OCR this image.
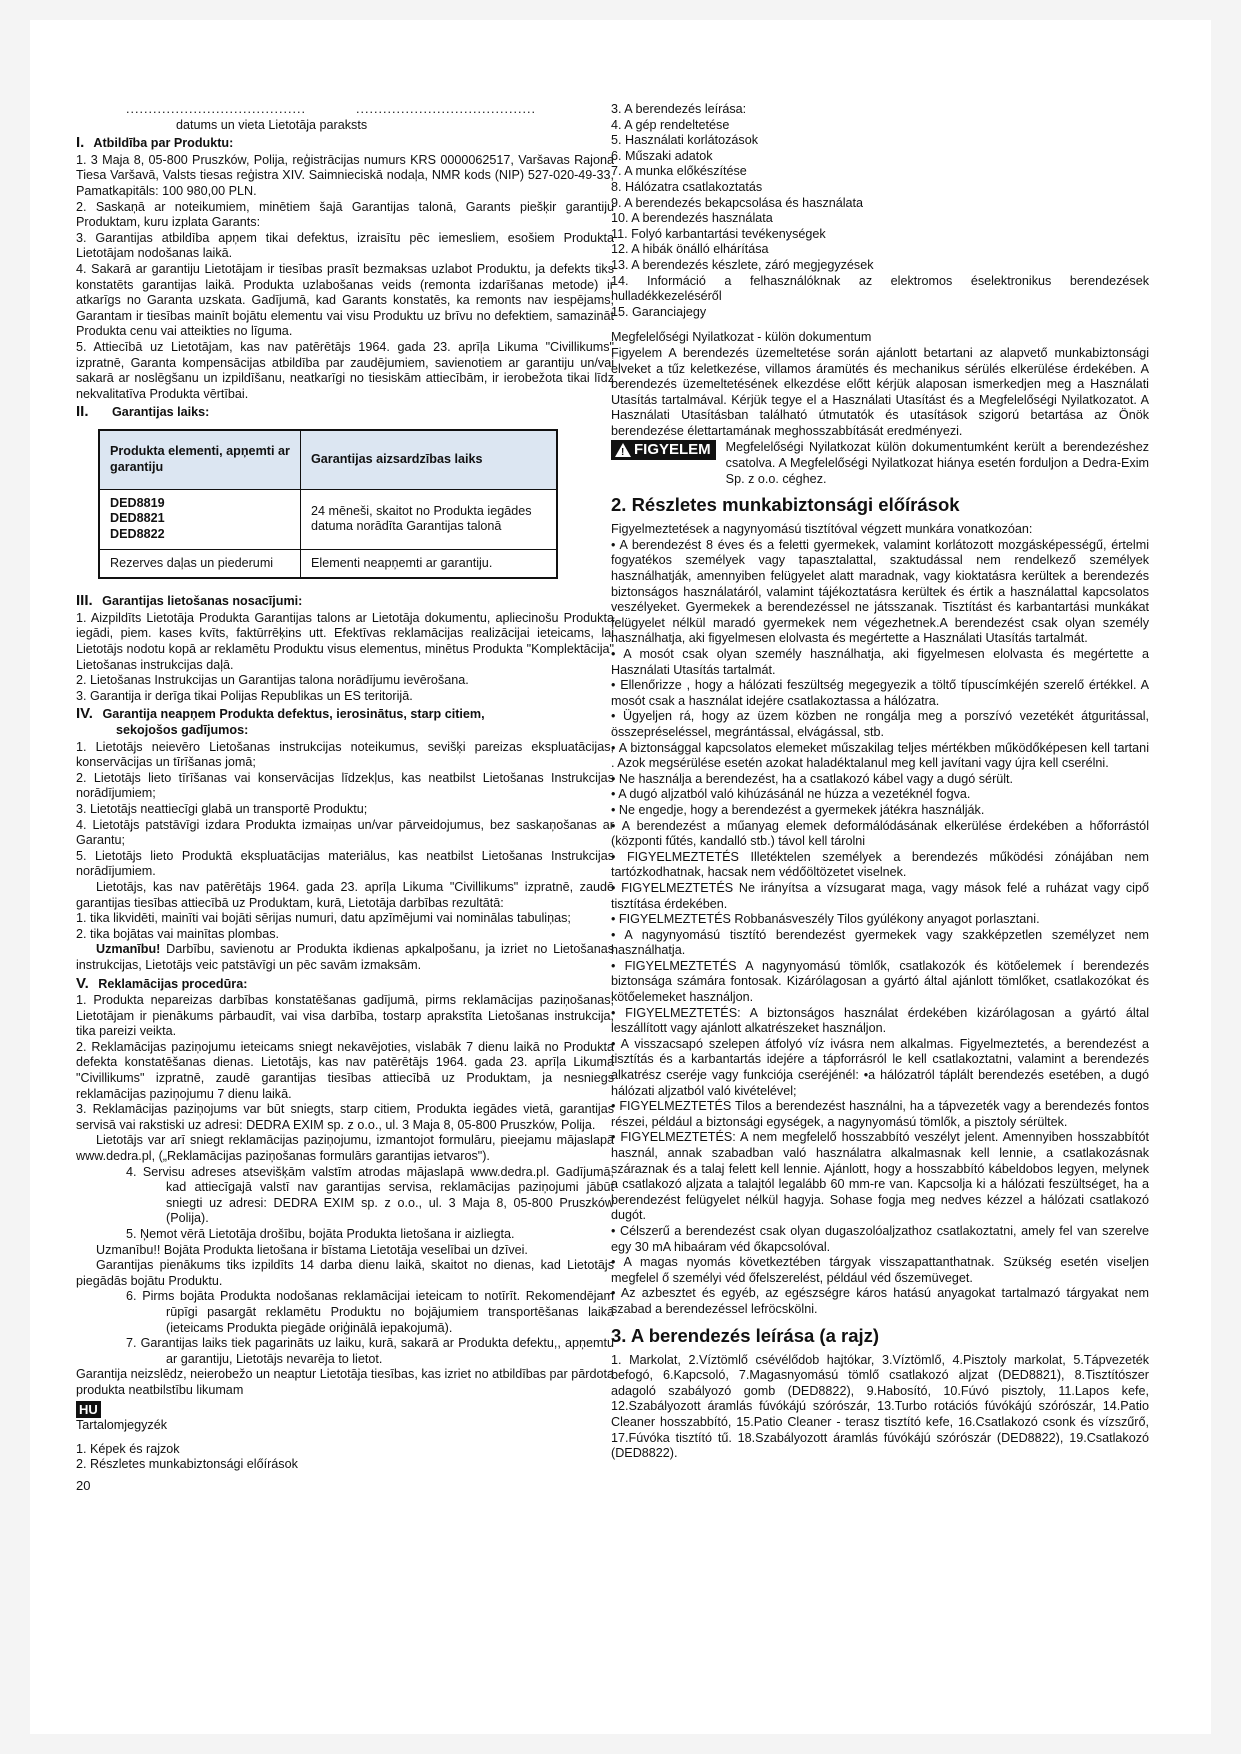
........................................	........................................
datums un vieta Lietotāja paraksts
I. Atbildība par Produktu:

1. 3 Maja 8, 05-800 Pruszków, Polija, reģistrācijas numurs KRS 0000062517, Varšavas Rajona Tiesa Varšavā, Valsts tiesas reģistra XIV. Saimnieciskā nodaļa, NMR kods (NIP) 527-020-49-33, Pamatkapitāls: 100 980,00 PLN.

2. Saskaņā ar noteikumiem, minētiem šajā Garantijas talonā, Garants piešķir garantiju Produktam, kuru izplata Garants:

3. Garantijas atbildība apņem tikai defektus, izraisītu pēc iemesliem, esošiem Produkta Lietotājam nodošanas laikā.

4. Sakarā ar garantiju Lietotājam ir tiesības prasīt bezmaksas uzlabot Produktu, ja defekts tiks konstatēts garantijas laikā. Produkta uzlabošanas veids (remonta izdarīšanas metode) ir atkarīgs no Garanta uzskata. Gadījumā, kad Garants konstatēs, ka remonts nav iespējams, Garantam ir tiesības mainīt bojātu elementu vai visu Produktu uz brīvu no defektiem, samazināt Produkta cenu vai atteikties no līguma.

5. Attiecībā uz Lietotājam, kas nav patērētājs 1964. gada 23. aprīļa Likuma "Civillikums" izpratnē, Garanta kompensācijas atbildība par zaudējumiem, savienotiem ar garantiju un/vai sakarā ar noslēgšanu un izpildīšanu, neatkarīgi no tiesiskām attiecībām, ir ierobežota tikai līdz nekvalitatīva Produkta vērtībai.

II. Garantijas laiks:
Produkta elementi, apņemti ar garantiju	Garantijas aizsardzības laiks
DED8819
DED8821
DED8822	24 mēneši, skaitot no Produkta iegādes datuma norādīta Garantijas talonā
Rezerves daļas un piederumi	Elementi neapņemti ar garantiju.
III. Garantijas lietošanas nosacījumi:

1. Aizpildīts Lietotāja Produkta Garantijas talons ar Lietotāja dokumentu, apliecinošu Produkta iegādi, piem. kases kvīts, faktūrrēķins utt. Efektīvas reklamācijas realizācijai ieteicams, lai Lietotājs nodotu kopā ar reklamētu Produktu visus elementus, minētus Produkta "Komplektācija" Lietošanas instrukcijas daļā.

2. Lietošanas Instrukcijas un Garantijas talona norādījumu ievērošana.

3. Garantija ir derīga tikai Polijas Republikas un ES teritorijā.

IV. Garantija neapņem Produkta defektus, ierosinātus, starp citiem,
sekojošos gadījumos:

1. Lietotājs neievēro Lietošanas instrukcijas noteikumus, sevišķi pareizas ekspluatācijas, konservācijas un tīrīšanas jomā;

2. Lietotājs lieto tīrīšanas vai konservācijas līdzekļus, kas neatbilst Lietošanas Instrukcijas norādījumiem;

3. Lietotājs neattiecīgi glabā un transportē Produktu;

4. Lietotājs patstāvīgi izdara Produkta izmaiņas un/var pārveidojumus, bez saskaņošanas ar Garantu;

5. Lietotājs lieto Produktā ekspluatācijas materiālus, kas neatbilst Lietošanas Instrukcijas norādījumiem.

Lietotājs, kas nav patērētājs 1964. gada 23. aprīļa Likuma "Civillikums" izpratnē, zaudē garantijas tiesības attiecībā uz Produktam, kurā, Lietotāja darbības rezultātā:

1. tika likvidēti, mainīti vai bojāti sērijas numuri, datu apzīmējumi vai nominālas tabuliņas;

2. tika bojātas vai mainītas plombas.

Uzmanību! Darbību, savienotu ar Produkta ikdienas apkalpošanu, ja izriet no Lietošanas instrukcijas, Lietotājs veic patstāvīgi un pēc savām izmaksām.

V. Reklamācijas procedūra:

1. Produkta nepareizas darbības konstatēšanas gadījumā, pirms reklamācijas paziņošanas, Lietotājam ir pienākums pārbaudīt, vai visa darbība, tostarp aprakstīta Lietošanas instrukcija, tika pareizi veikta.

2. Reklamācijas paziņojumu ieteicams sniegt nekavējoties, vislabāk 7 dienu laikā no Produkta defekta konstatēšanas dienas. Lietotājs, kas nav patērētājs 1964. gada 23. aprīļa Likuma "Civillikums" izpratnē, zaudē garantijas tiesības attiecībā uz Produktam, ja nesniegs reklamācijas paziņojumu 7 dienu laikā.

3. Reklamācijas paziņojums var būt sniegts, starp citiem, Produkta iegādes vietā, garantijas servisā vai rakstiski uz adresi: DEDRA EXIM sp. z o.o., ul. 3 Maja 8, 05-800 Pruszków, Polija.

Lietotājs var arī sniegt reklamācijas paziņojumu, izmantojot formulāru, pieejamu mājaslapā www.dedra.pl, („Reklamācijas paziņošanas formulārs garantijas ietvaros").

4. Servisu adreses atsevišķām valstīm atrodas mājaslapā www.dedra.pl. Gadījumā, kad attiecīgajā valstī nav garantijas servisa, reklamācijas paziņojumi jābūt sniegti uz adresi: DEDRA EXIM sp. z o.o., ul. 3 Maja 8, 05-800 Pruszków (Polija).

5. Ņemot vērā Lietotāja drošību, bojāta Produkta lietošana ir aizliegta.

Uzmanību!! Bojāta Produkta lietošana ir bīstama Lietotāja veselībai un dzīvei.

Garantijas pienākums tiks izpildīts 14 darba dienu laikā, skaitot no dienas, kad Lietotājs piegādās bojātu Produktu.

6. Pirms bojāta Produkta nodošanas reklamācijai ieteicam to notīrīt. Rekomendējam rūpīgi pasargāt reklamētu Produktu no bojājumiem transportēšanas laikā (ieteicams Produkta piegāde oriģinālā iepakojumā).

7. Garantijas laiks tiek pagarināts uz laiku, kurā, sakarā ar Produkta defektu,, apņemtu ar garantiju, Lietotājs nevarēja to lietot.

Garantija neizslēdz, neierobežo un neaptur Lietotāja tiesības, kas izriet no atbildības par pārdota produkta neatbilstību likumam

HU

Tartalomjegyzék

1. Képek és rajzok

2. Részletes munkabiztonsági előírások

20

3. A berendezés leírása:

4. A gép rendeltetése

5. Használati korlátozások

6. Műszaki adatok

7. A munka előkészítése

8. Hálózatra csatlakoztatás

9. A berendezés bekapcsolása és használata

10. A berendezés használata

11. Folyó karbantartási tevékenységek

12. A hibák önálló elhárítása

13. A berendezés készlete, záró megjegyzések

14. Információ a felhasználóknak az elektromos éselektronikus berendezések hulladékkezeléséről

15. Garanciajegy

Megfelelőségi Nyilatkozat - külön dokumentum

Figyelem A berendezés üzemeltetése során ajánlott betartani az alapvető munkabiztonsági elveket a tűz keletkezése, villamos áramütés és mechanikus sérülés elkerülése érdekében. A berendezés üzemeltetésének elkezdése előtt kérjük alaposan ismerkedjen meg a Használati Utasítás tartalmával. Kérjük tegye el a Használati Utasítást és a Megfelelőségi Nyilatkozatot. A Használati Utasításban található útmutatók és utasítások szigorú betartása az Önök berendezése élettartamának meghosszabbítását eredményezi.

! FIGYELEM Megfelelőségi Nyilatkozat külön dokumentumként került a berendezéshez csatolva. A Megfelelőségi Nyilatkozat hiánya esetén forduljon a Dedra-Exim Sp. z o.o. céghez.

2. Részletes munkabiztonsági előírások

Figyelmeztetések a nagynyomású tisztítóval végzett munkára vonatkozóan:

• A berendezést 8 éves és a feletti gyermekek, valamint korlátozott mozgásképességű, értelmi fogyatékos személyek vagy tapasztalattal, szaktudással nem rendelkező személyek használhatják, amennyiben felügyelet alatt maradnak, vagy kioktatásra kerültek a berendezés biztonságos használatáról, valamint tájékoztatásra kerültek és értik a használattal kapcsolatos veszélyeket. Gyermekek a berendezéssel ne játsszanak. Tisztítást és karbantartási munkákat felügyelet nélkül maradó gyermekek nem végezhetnek.A berendezést csak olyan személy használhatja, aki figyelmesen elolvasta és megértette a Használati Utasítás tartalmát.

• A mosót csak olyan személy használhatja, aki figyelmesen elolvasta és megértette a Használati Utasítás tartalmát.

• Ellenőrizze , hogy a hálózati feszültség megegyezik a töltő típuscímkéjén szerelő értékkel. A mosót csak a használat idejére csatlakoztassa a hálózatra.

• Ügyeljen rá, hogy az üzem közben ne rongálja meg a porszívó vezetékét átguritással, összepréseléssel, megrántással, elvágással, stb.

• A biztonsággal kapcsolatos elemeket műszakilag teljes mértékben működőképesen kell tartani . Azok megsérülése esetén azokat haladéktalanul meg kell javítani vagy újra kell cserélni.

• Ne használja a berendezést, ha a csatlakozó kábel vagy a dugó sérült.

• A dugó aljzatból való kihúzásánál ne húzza a vezetéknél fogva.

• Ne engedje, hogy a berendezést a gyermekek játékra használják.

• A berendezést a műanyag elemek deformálódásának elkerülése érdekében a hőforrástól (központi fűtés, kandalló stb.) távol kell tárolni

• FIGYELMEZTETÉS Illetéktelen személyek a berendezés működési zónájában nem tartózkodhatnak, hacsak nem védőöltözetet viselnek.

• FIGYELMEZTETÉS Ne irányítsa a vízsugarat maga, vagy mások felé a ruházat vagy cipő tisztítása érdekében.

• FIGYELMEZTETÉS Robbanásveszély Tilos gyúlékony anyagot porlasztani.

• A nagynyomású tisztító berendezést gyermekek vagy szakképzetlen személyzet nem használhatja.

• FIGYELMEZTETÉS A nagynyomású tömlők, csatlakozók és kötőelemek í berendezés biztonsága számára fontosak. Kizárólagosan a gyártó által ajánlott tömlőket, csatlakozókat és kötőelemeket használjon.

• FIGYELMEZTETÉS: A biztonságos használat érdekében kizárólagosan a gyártó által leszállított vagy ajánlott alkatrészeket használjon.

• A visszacsapó szelepen átfolyó víz ivásra nem alkalmas. Figyelmeztetés, a berendezést a tisztítás és a karbantartás idejére a tápforrásról le kell csatlakoztatni, valamint a berendezés alkatrész cseréje vagy funkciója cseréjénél: •a hálózatról táplált berendezés esetében, a dugó hálózati aljzatból való kivételével;

• FIGYELMEZTETÉS Tilos a berendezést használni, ha a tápvezeték vagy a berendezés fontos részei, például a biztonsági egységek, a nagynyomású tömlők, a pisztoly sérültek.

• FIGYELMEZTETÉS: A nem megfelelő hosszabbító veszélyt jelent. Amennyiben hosszabbítót használ, annak szabadban való használatra alkalmasnak kell lennie, a csatlakozásnak száraznak és a talaj felett kell lennie. Ajánlott, hogy a hosszabbító kábeldobos legyen, melynek a csatlakozó aljzata a talajtól legalább 60 mm-re van. Kapcsolja ki a hálózati feszültséget, ha a berendezést felügyelet nélkül hagyja. Sohase fogja meg nedves kézzel a hálózati csatlakozó dugót.

• Célszerű a berendezést csak olyan dugaszolóaljzathoz csatlakoztatni, amely fel van szerelve egy 30 mA hibaáram véd őkapcsolóval.

• A magas nyomás következtében tárgyak visszapattanthatnak. Szükség esetén viseljen megfelel ő személyi véd őfelszerelést, például véd őszemüveget.

• Az azbesztet és egyéb, az egészségre káros hatású anyagokat tartalmazó tárgyakat nem szabad a berendezéssel lefröcskölni.

3. A berendezés leírása (a rajz)

1. Markolat, 2.Víztömlő csévélődob hajtókar, 3.Víztömlő, 4.Pisztoly markolat, 5.Tápvezeték befogó, 6.Kapcsoló, 7.Magasnyomású tömlő csatlakozó aljzat (DED8821), 8.Tisztítószer adagoló szabályozó gomb (DED8822), 9.Habosító, 10.Fúvó pisztoly, 11.Lapos kefe, 12.Szabályozott áramlás fúvókájú szórószár, 13.Turbo rotációs fúvókájú szórószár, 14.Patio Cleaner hosszabbító, 15.Patio Cleaner - terasz tisztító kefe, 16.Csatlakozó csonk és vízszűrő, 17.Fúvóka tisztító tű. 18.Szabályozott áramlás fúvókájú szórószár (DED8822), 19.Csatlakozó (DED8822).
